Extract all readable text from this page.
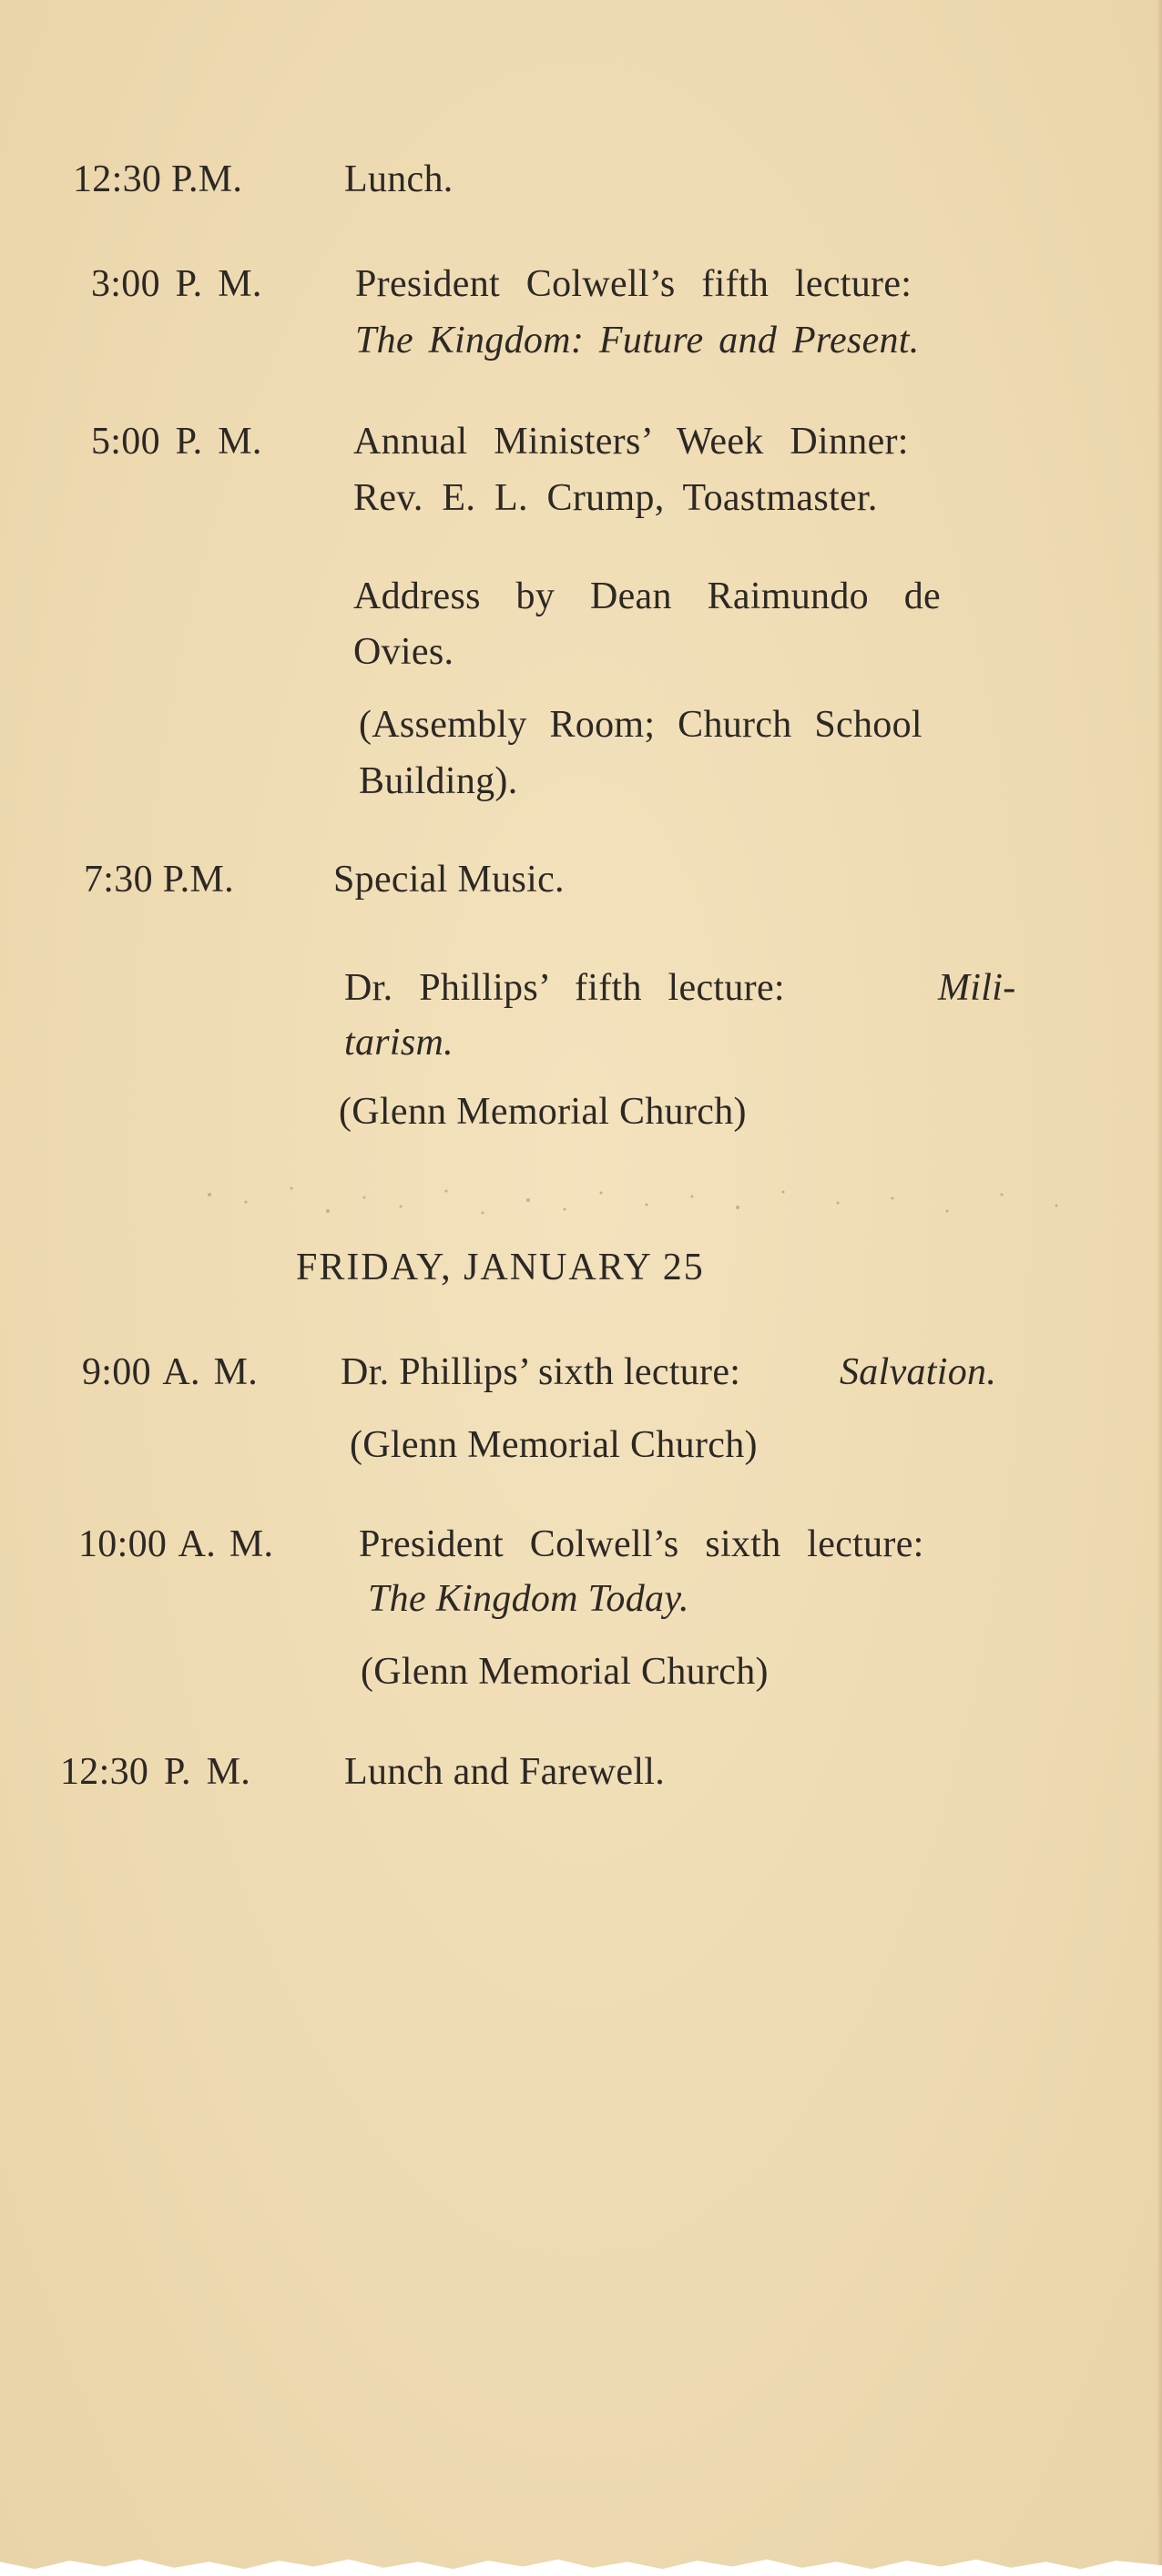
12:30 P.M.	Lunch.
3:00 P. M. President Colwell’s fifth lecture:
The Kingdom: Future and Present.
5:00 P. M. Annual Ministers’ Week Dinner:
Rev. E. L. Crump, Toastmaster.
Address by Dean Raimundo de
Ovies.
(Assembly Room; Church School
Building).
7:30 P.M.	Special Music.
Dr. Phillips’ fifth lecture:	Mili-
tarism.
(Glenn Memorial Church)
FRIDAY, JANUARY 25
9:00 A. M. Dr. Phillips’ sixth lecture:	Salvation.
(Glenn Memorial Church)
10:00 A. M. President Colwell’s sixth lecture:
The Kingdom Today.
(Glenn Memorial Church)
12:30 P. M. Lunch and Farewell.
